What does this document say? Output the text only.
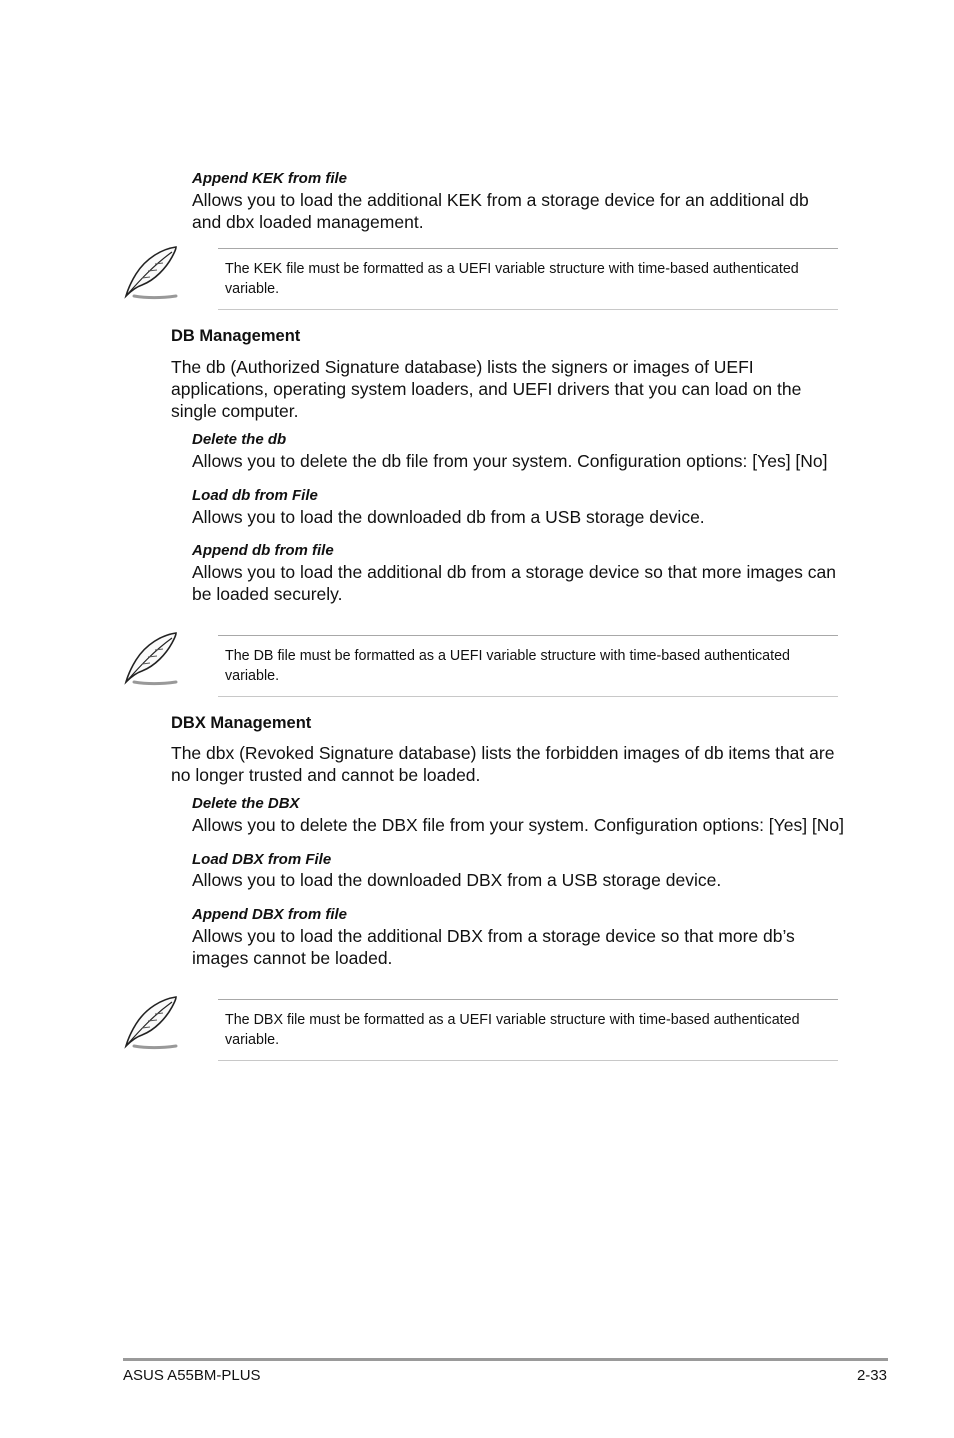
Append KEK from file
Allows you to load the additional KEK from a storage device for an additional db and dbx loaded management.
The KEK file must be formatted as a UEFI variable structure with time-based authenticated variable.
DB Management
The db (Authorized Signature database) lists the signers or images of UEFI applications, operating system loaders, and UEFI drivers that you can load on the single computer.
Delete the db
Allows you to delete the db file from your system. Configuration options: [Yes] [No]
Load db from File
Allows you to load the downloaded db from a USB storage device.
Append db from file
Allows you to load the additional db from a storage device so that more images can be loaded securely.
The DB file must be formatted as a UEFI variable structure with time-based authenticated variable.
DBX Management
The dbx (Revoked Signature database) lists the forbidden images of db items that are no longer trusted and cannot be loaded.
Delete the DBX
Allows you to delete the DBX file from your system. Configuration options: [Yes] [No]
Load DBX from File
Allows you to load the downloaded DBX from a USB storage device.
Append DBX from file
Allows you to load the additional DBX from a storage device so that more db’s images cannot be loaded.
The DBX file must be formatted as a UEFI variable structure with time-based authenticated variable.
ASUS A55BM-PLUS	2-33
